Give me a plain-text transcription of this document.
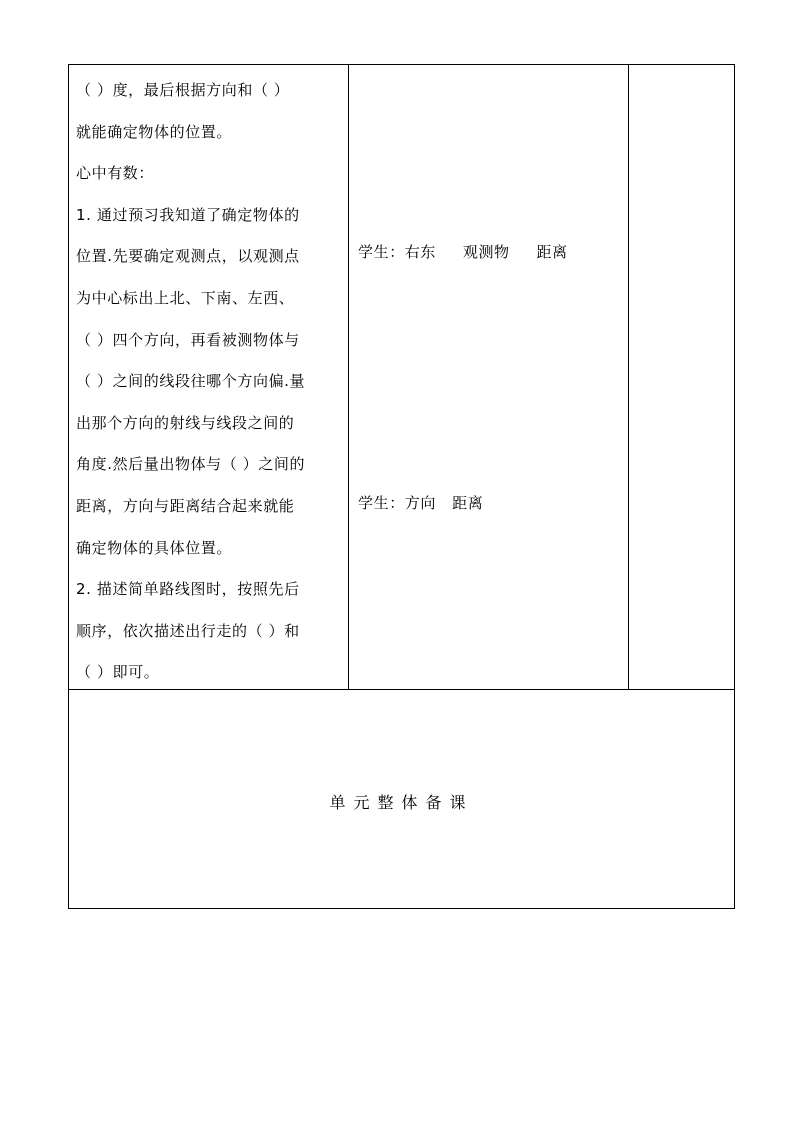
（ ）度，最后根据方向和（ ）
就能确定物体的位置。
心中有数：
1. 通过预习我知道了确定物体的
位置.先要确定观测点，以观测点
为中心标出上北、下南、左西、
（ ）四个方向，再看被测物体与
（ ）之间的线段往哪个方向偏.量
出那个方向的射线与线段之间的
角度.然后量出物体与（ ）之间的
距离，方向与距离结合起来就能
确定物体的具体位置。
2. 描述简单路线图时，按照先后
顺序，依次描述出行走的（ ）和
（ ）即可。
学生：右东     观测物     距离
学生：方向   距离
单元整体备课
